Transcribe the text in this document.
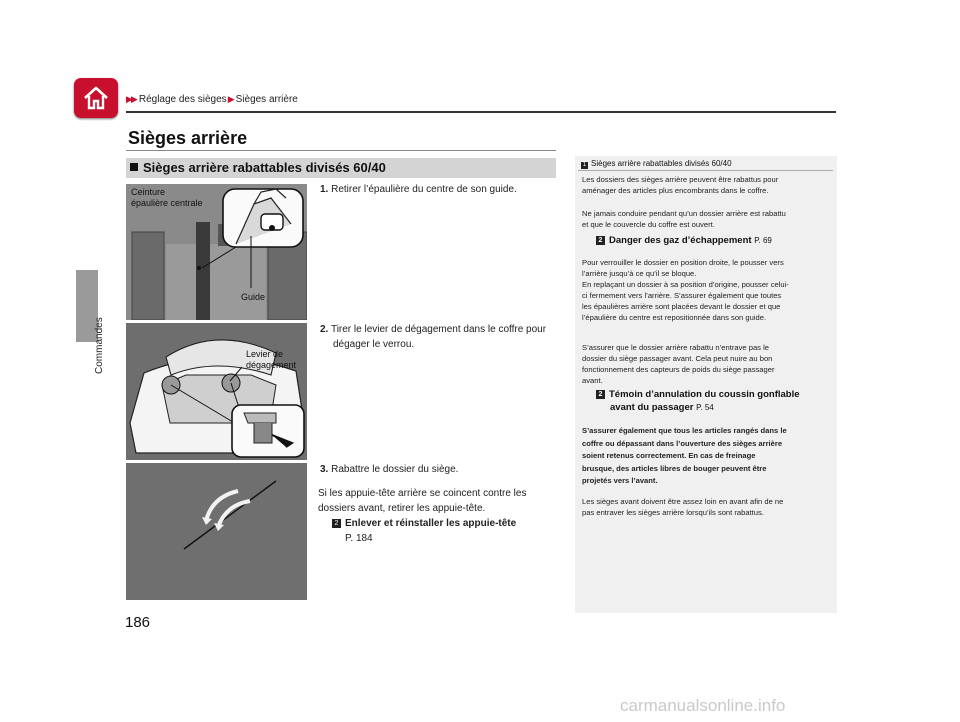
▶▶ Réglage des sièges▶Sièges arrière
Commandes
Sièges arrière
Sièges arrière rabattables divisés 60/40
Ceinture
épaulière centrale
Guide
1. Retirer l’épaulière du centre de son guide.
Levier de
dégagement
2. Tirer le levier de dégagement dans le coffre pour
dégager le verrou.
3. Rabattre le dossier du siège.
Si les appuie-tête arrière se coincent contre les
dossiers avant, retirer les appuie-tête.
2 Enlever et réinstaller les appuie-tête
P. 184
1 Sièges arrière rabattables divisés 60/40
Les dossiers des sièges arrière peuvent être rabattus pour
aménager des articles plus encombrants dans le coffre.
Ne jamais conduire pendant qu’un dossier arrière est rabattu
et que le couvercle du coffre est ouvert.
2 Danger des gaz d’échappement P. 69
Pour verrouiller le dossier en position droite, le pousser vers
l’arrière jusqu’à ce qu’il se bloque.
En replaçant un dossier à sa position d’origine, pousser celui-
ci fermement vers l’arrière. S’assurer également que toutes
les épaulières arrière sont placées devant le dossier et que
l’épaulière du centre est repositionnée dans son guide.
S’assurer que le dossier arrière rabattu n’entrave pas le
dossier du siège passager avant. Cela peut nuire au bon
fonctionnement des capteurs de poids du siège passager
avant.
2 Témoin d’annulation du coussin gonflable
avant du passager P. 54
S’assurer également que tous les articles rangés dans le
coffre ou dépassant dans l’ouverture des sièges arrière
soient retenus correctement. En cas de freinage
brusque, des articles libres de bouger peuvent être
projetés vers l’avant.
Les sièges avant doivent être assez loin en avant afin de ne
pas entraver les sièges arrière lorsqu’ils sont rabattus.
186
carmanualsonline.info
